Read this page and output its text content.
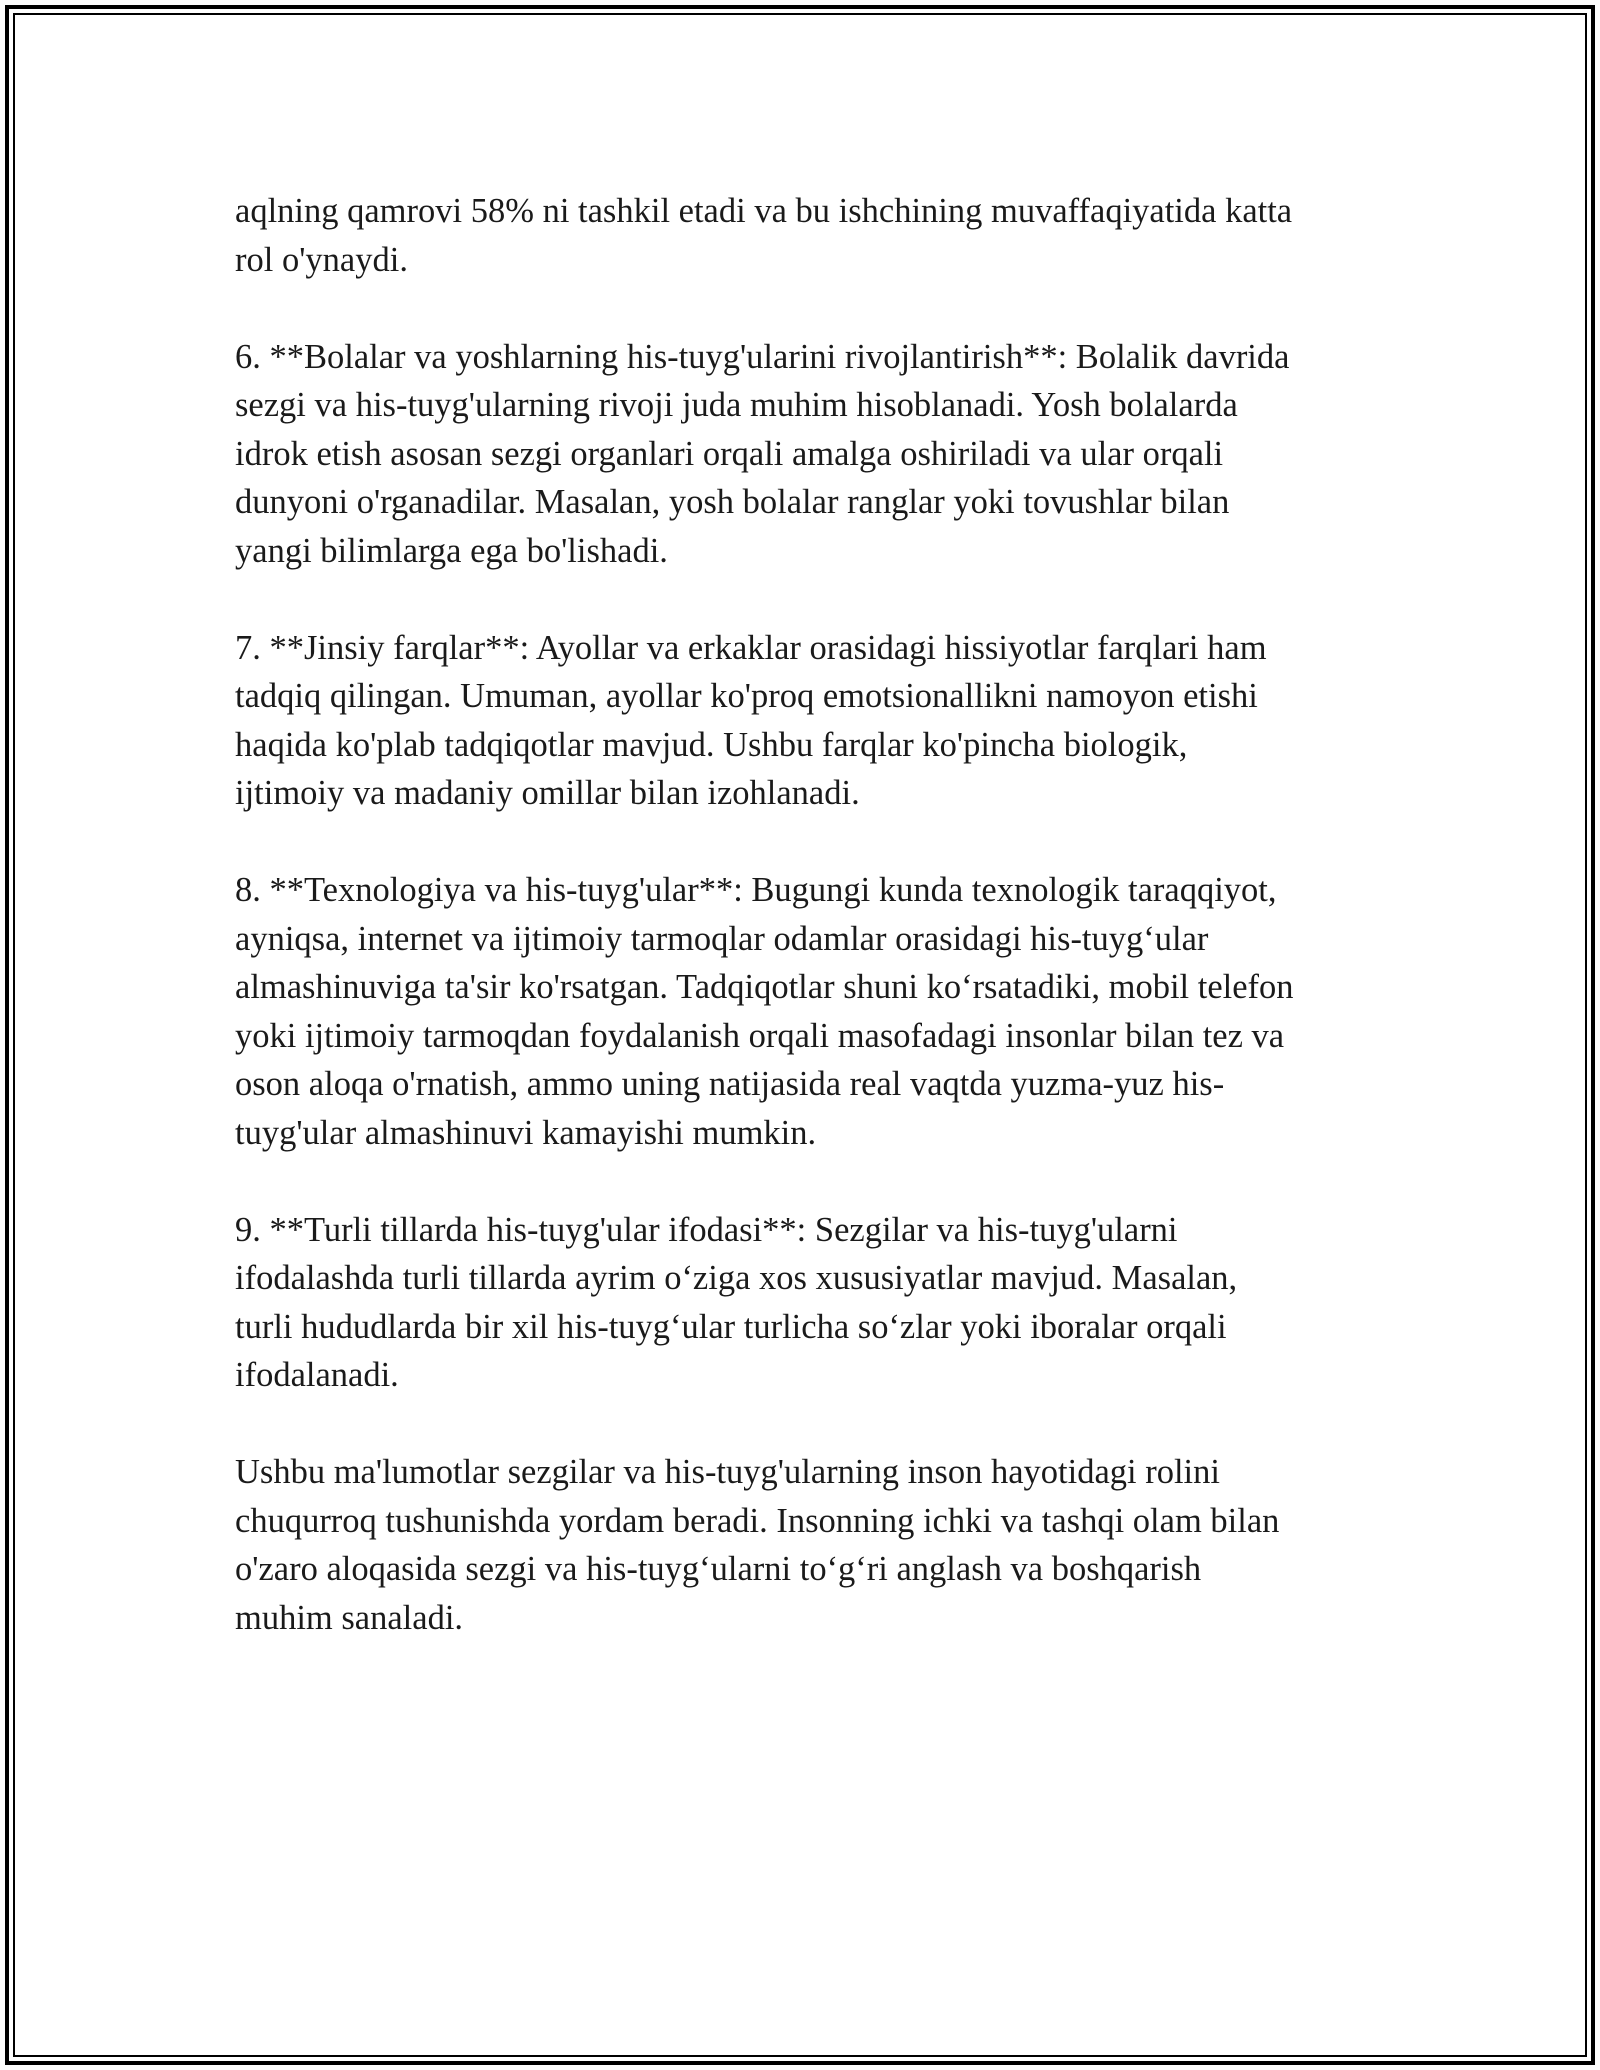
aqlning qamrovi 58% ni tashkil etadi va bu ishchining muvaffaqiyatida katta
rol o'ynaydi.

6. **Bolalar va yoshlarning his-tuyg'ularini rivojlantirish**: Bolalik davrida
sezgi va his-tuyg'ularning rivoji juda muhim hisoblanadi. Yosh bolalarda
idrok etish asosan sezgi organlari orqali amalga oshiriladi va ular orqali
dunyoni o'rganadilar. Masalan, yosh bolalar ranglar yoki tovushlar bilan
yangi bilimlarga ega bo'lishadi.

7. **Jinsiy farqlar**: Ayollar va erkaklar orasidagi hissiyotlar farqlari ham
tadqiq qilingan. Umuman, ayollar ko'proq emotsionallikni namoyon etishi
haqida ko'plab tadqiqotlar mavjud. Ushbu farqlar ko'pincha biologik,
ijtimoiy va madaniy omillar bilan izohlanadi.

8. **Texnologiya va his-tuyg'ular**: Bugungi kunda texnologik taraqqiyot,
ayniqsa, internet va ijtimoiy tarmoqlar odamlar orasidagi his-tuyg‘ular
almashinuviga ta'sir ko'rsatgan. Tadqiqotlar shuni ko‘rsatadiki, mobil telefon
yoki ijtimoiy tarmoqdan foydalanish orqali masofadagi insonlar bilan tez va
oson aloqa o'rnatish, ammo uning natijasida real vaqtda yuzma-yuz his-
tuyg'ular almashinuvi kamayishi mumkin.

9. **Turli tillarda his-tuyg'ular ifodasi**: Sezgilar va his-tuyg'ularni
ifodalashda turli tillarda ayrim o‘ziga xos xususiyatlar mavjud. Masalan,
turli hududlarda bir xil his-tuyg‘ular turlicha so‘zlar yoki iboralar orqali
ifodalanadi.

Ushbu ma'lumotlar sezgilar va his-tuyg'ularning inson hayotidagi rolini
chuqurroq tushunishda yordam beradi. Insonning ichki va tashqi olam bilan
o'zaro aloqasida sezgi va his-tuyg‘ularni to‘g‘ri anglash va boshqarish
muhim sanaladi.
